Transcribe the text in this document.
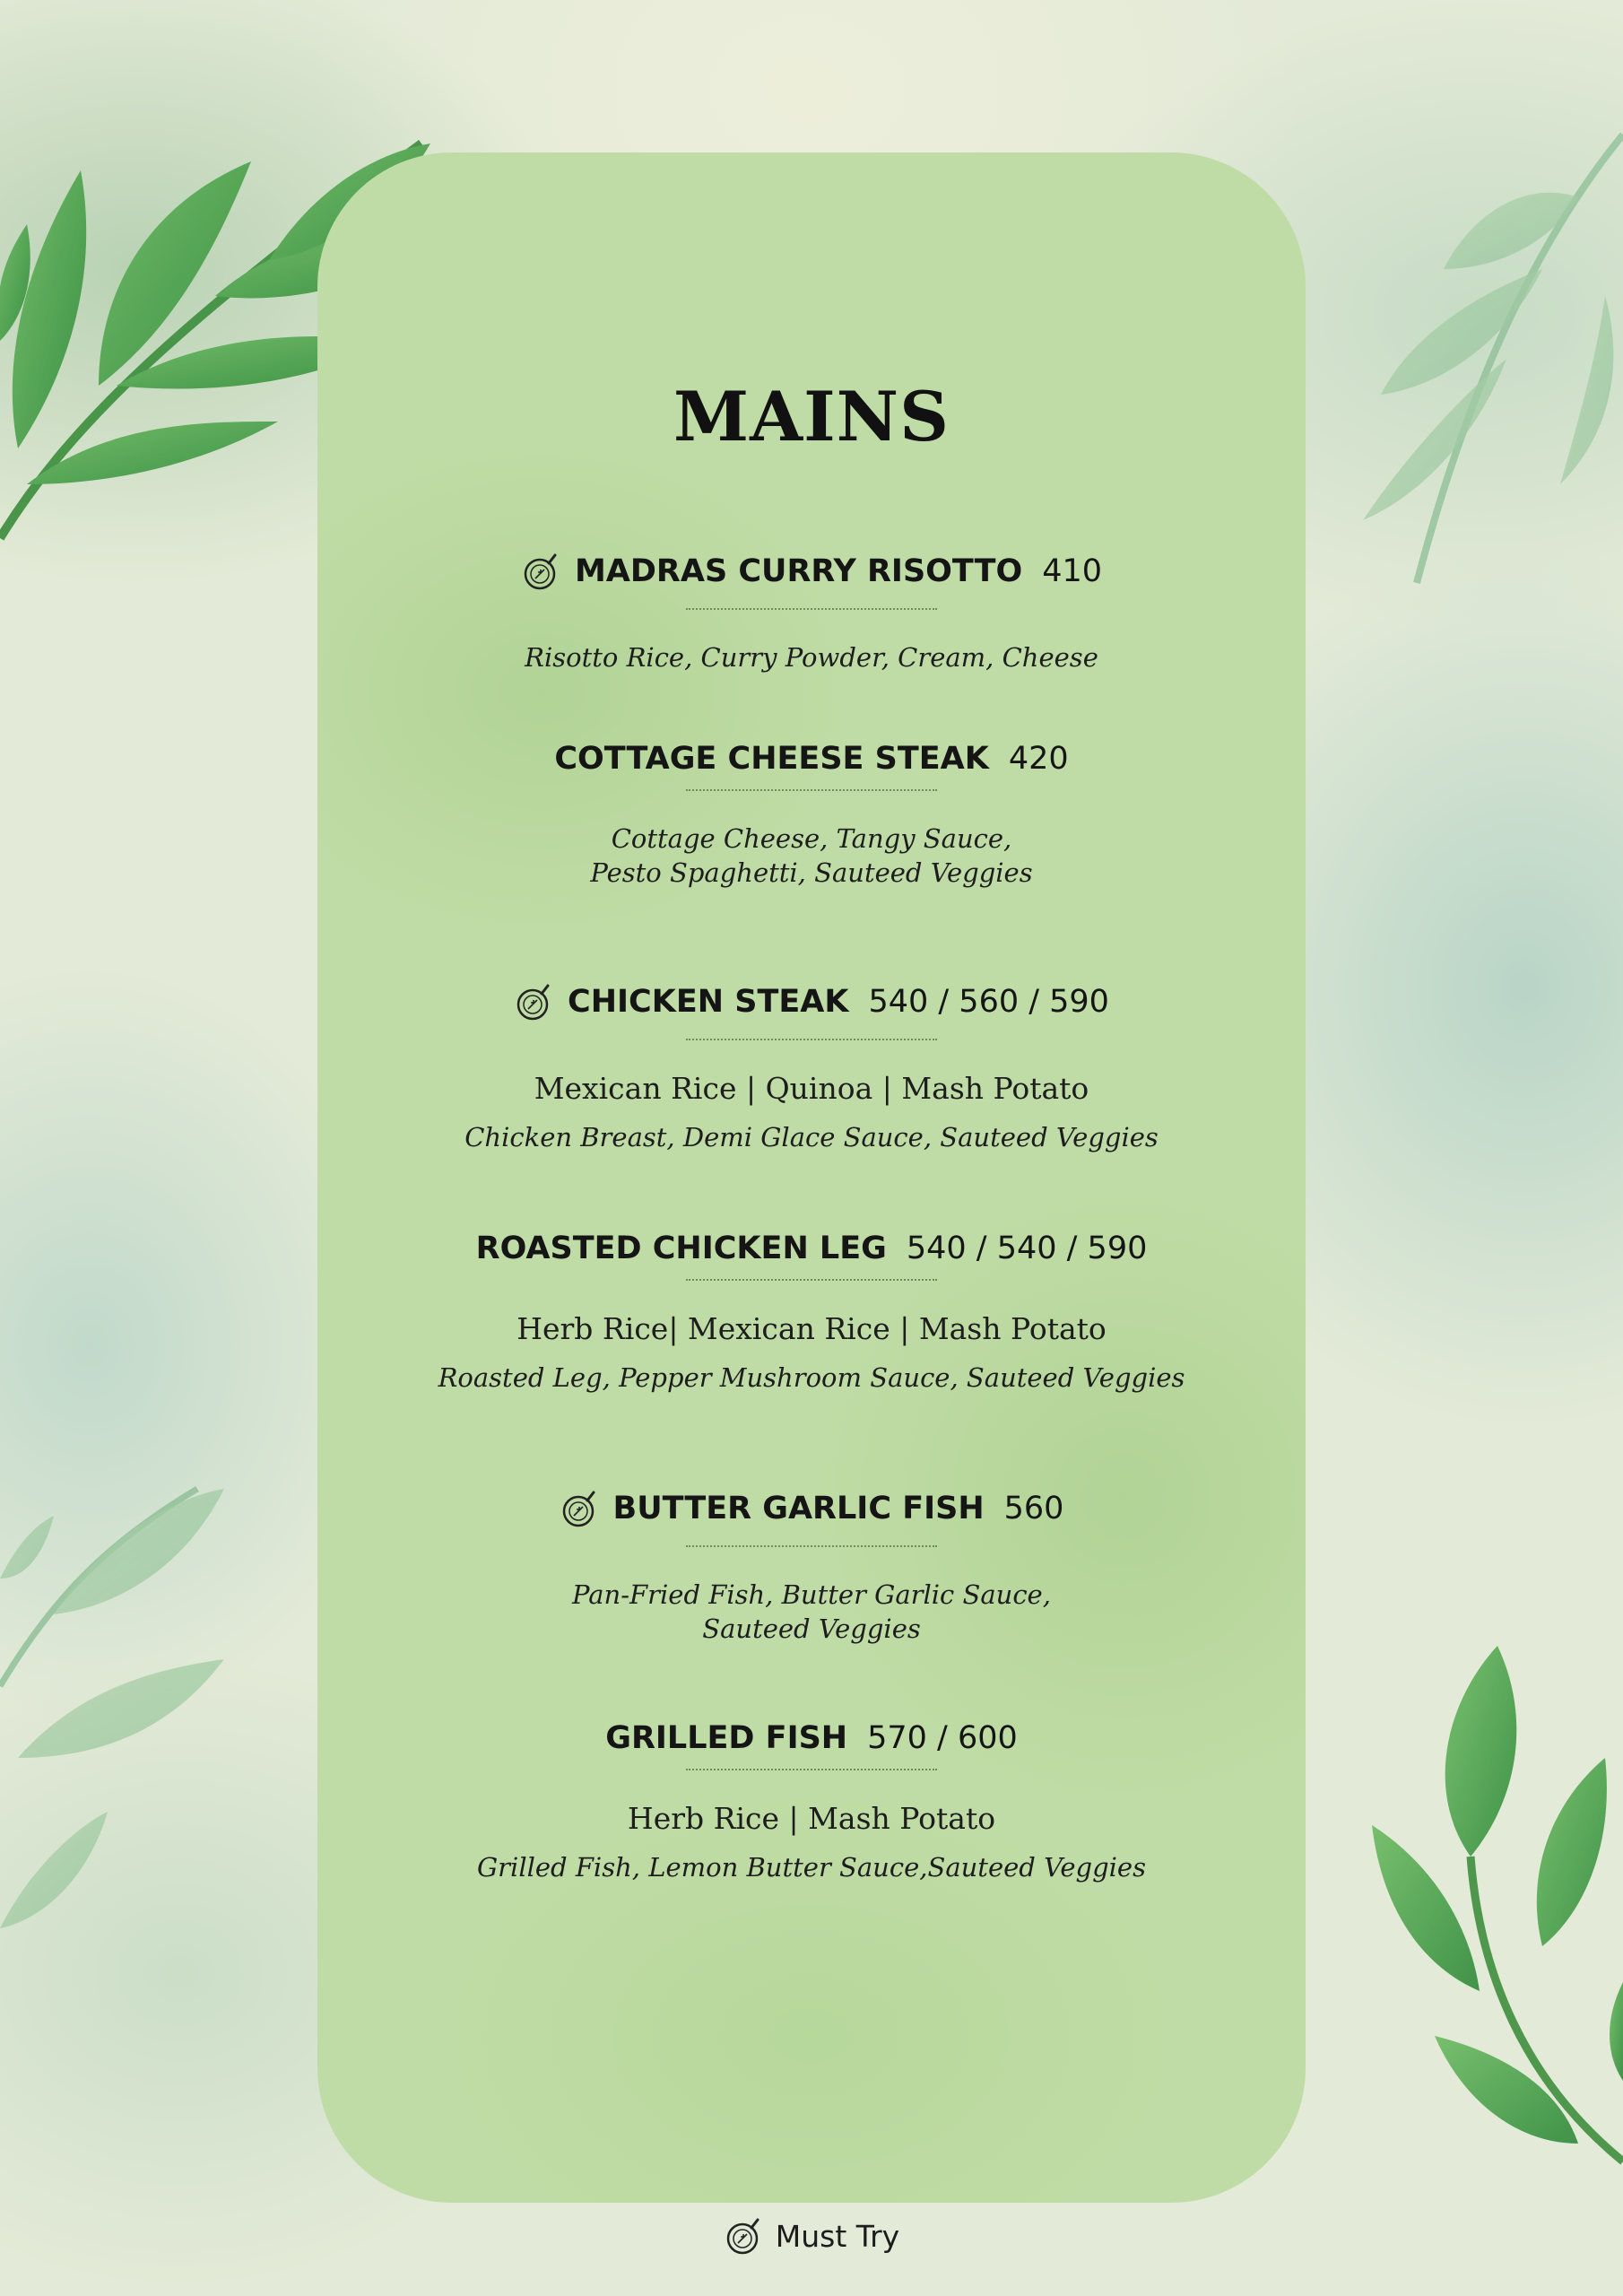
MAINS
MADRAS CURRY RISOTTO 410
Risotto Rice, Curry Powder, Cream, Cheese
COTTAGE CHEESE STEAK 420
Cottage Cheese, Tangy Sauce,
Pesto Spaghetti, Sauteed Veggies
CHICKEN STEAK 540 / 560 / 590
Mexican Rice | Quinoa | Mash Potato
Chicken Breast, Demi Glace Sauce, Sauteed Veggies
ROASTED CHICKEN LEG 540 / 540 / 590
Herb Rice| Mexican Rice | Mash Potato
Roasted Leg, Pepper Mushroom Sauce, Sauteed Veggies
BUTTER GARLIC FISH 560
Pan-Fried Fish, Butter Garlic Sauce,
Sauteed Veggies
GRILLED FISH 570 / 600
Herb Rice | Mash Potato
Grilled Fish, Lemon Butter Sauce,Sauteed Veggies
Must Try
